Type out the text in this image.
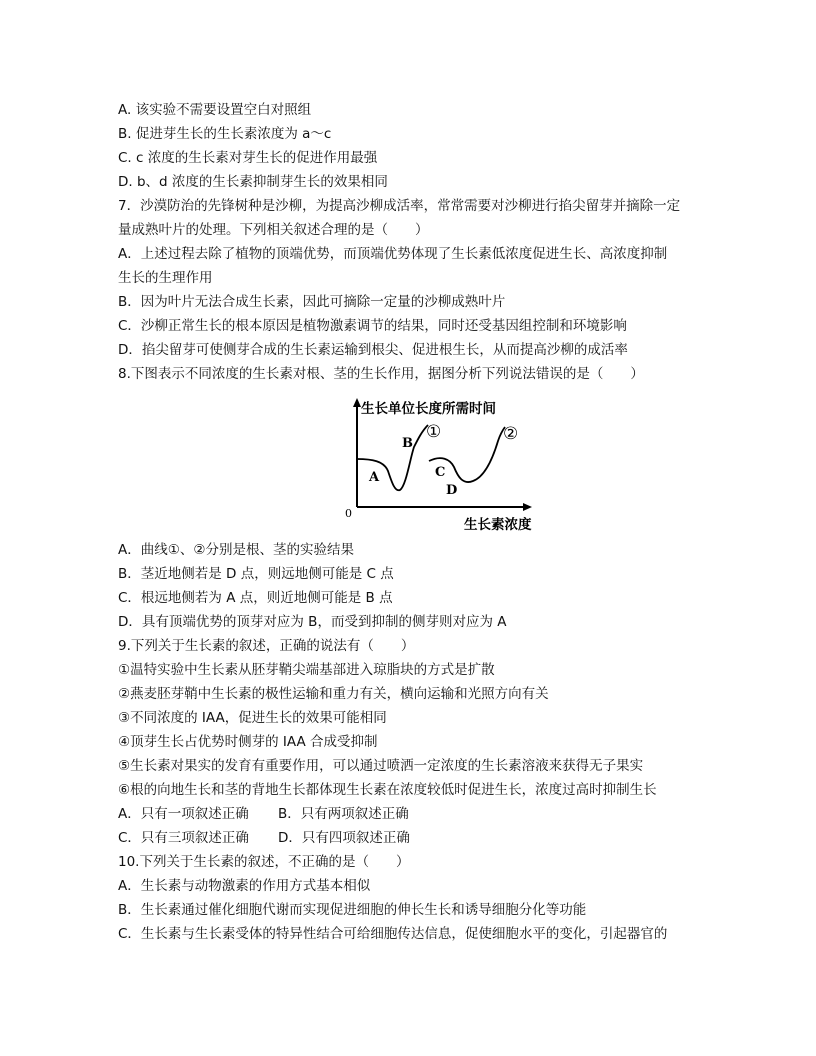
A. 该实验不需要设置空白对照组
B. 促进芽生长的生长素浓度为 a～c
C. c 浓度的生长素对芽生长的促进作用最强
D. b、d 浓度的生长素抑制芽生长的效果相同
7．沙漠防治的先锋树种是沙柳，为提高沙柳成活率，常常需要对沙柳进行掐尖留芽并摘除一定
量成熟叶片的处理。下列相关叙述合理的是（　　）
A．上述过程去除了植物的顶端优势，而顶端优势体现了生长素低浓度促进生长、高浓度抑制
生长的生理作用
B．因为叶片无法合成生长素，因此可摘除一定量的沙柳成熟叶片
C．沙柳正常生长的根本原因是植物激素调节的结果，同时还受基因组控制和环境影响
D．掐尖留芽可使侧芽合成的生长素运输到根尖、促进根生长，从而提高沙柳的成活率
8.下图表示不同浓度的生长素对根、茎的生长作用，据图分析下列说法错误的是（　　）
生长单位长度所需时间
生长素浓度
0
A
B
C
D
①	②
A．曲线①、②分别是根、茎的实验结果
B．茎近地侧若是 D 点，则远地侧可能是 C 点
C．根远地侧若为 A 点，则近地侧可能是 B 点
D．具有顶端优势的顶芽对应为 B，而受到抑制的侧芽则对应为 A
9.下列关于生长素的叙述，正确的说法有（　　）
①温特实验中生长素从胚芽鞘尖端基部进入琼脂块的方式是扩散
②燕麦胚芽鞘中生长素的极性运输和重力有关，横向运输和光照方向有关
③不同浓度的 IAA，促进生长的效果可能相同
④顶芽生长占优势时侧芽的 IAA 合成受抑制
⑤生长素对果实的发育有重要作用，可以通过喷洒一定浓度的生长素溶液来获得无子果实
⑥根的向地生长和茎的背地生长都体现生长素在浓度较低时促进生长，浓度过高时抑制生长
A．只有一项叙述正确 B．只有两项叙述正确
C．只有三项叙述正确 D．只有四项叙述正确
10.下列关于生长素的叙述，不正确的是（　　）
A．生长素与动物激素的作用方式基本相似
B．生长素通过催化细胞代谢而实现促进细胞的伸长生长和诱导细胞分化等功能
C．生长素与生长素受体的特异性结合可给细胞传达信息，促使细胞水平的变化，引起器官的
